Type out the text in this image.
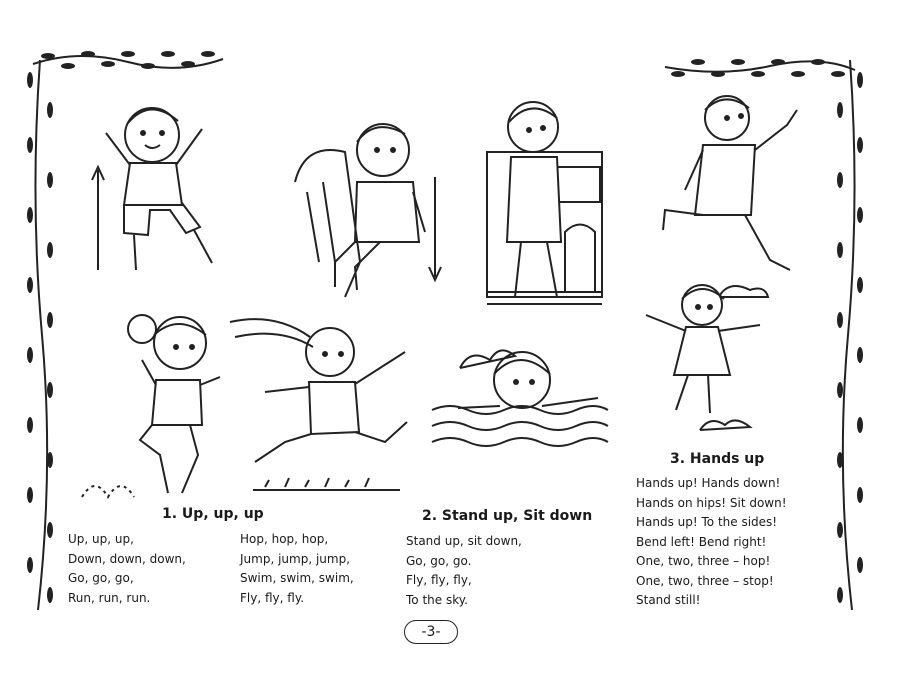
1. Up, up, up
Up, up, up,
Down, down, down,
Go, go, go,
Run, run, run.
Hop, hop, hop,
Jump, jump, jump,
Swim, swim, swim,
Fly, fly, fly.
2. Stand up, Sit down
Stand up, sit down,
Go, go, go.
Fly, fly, fly,
To the sky.
3. Hands up
Hands up! Hands down!
Hands on hips! Sit down!
Hands up! To the sides!
Bend left! Bend right!
One, two, three – hop!
One, two, three – stop!
Stand still!
-3-
